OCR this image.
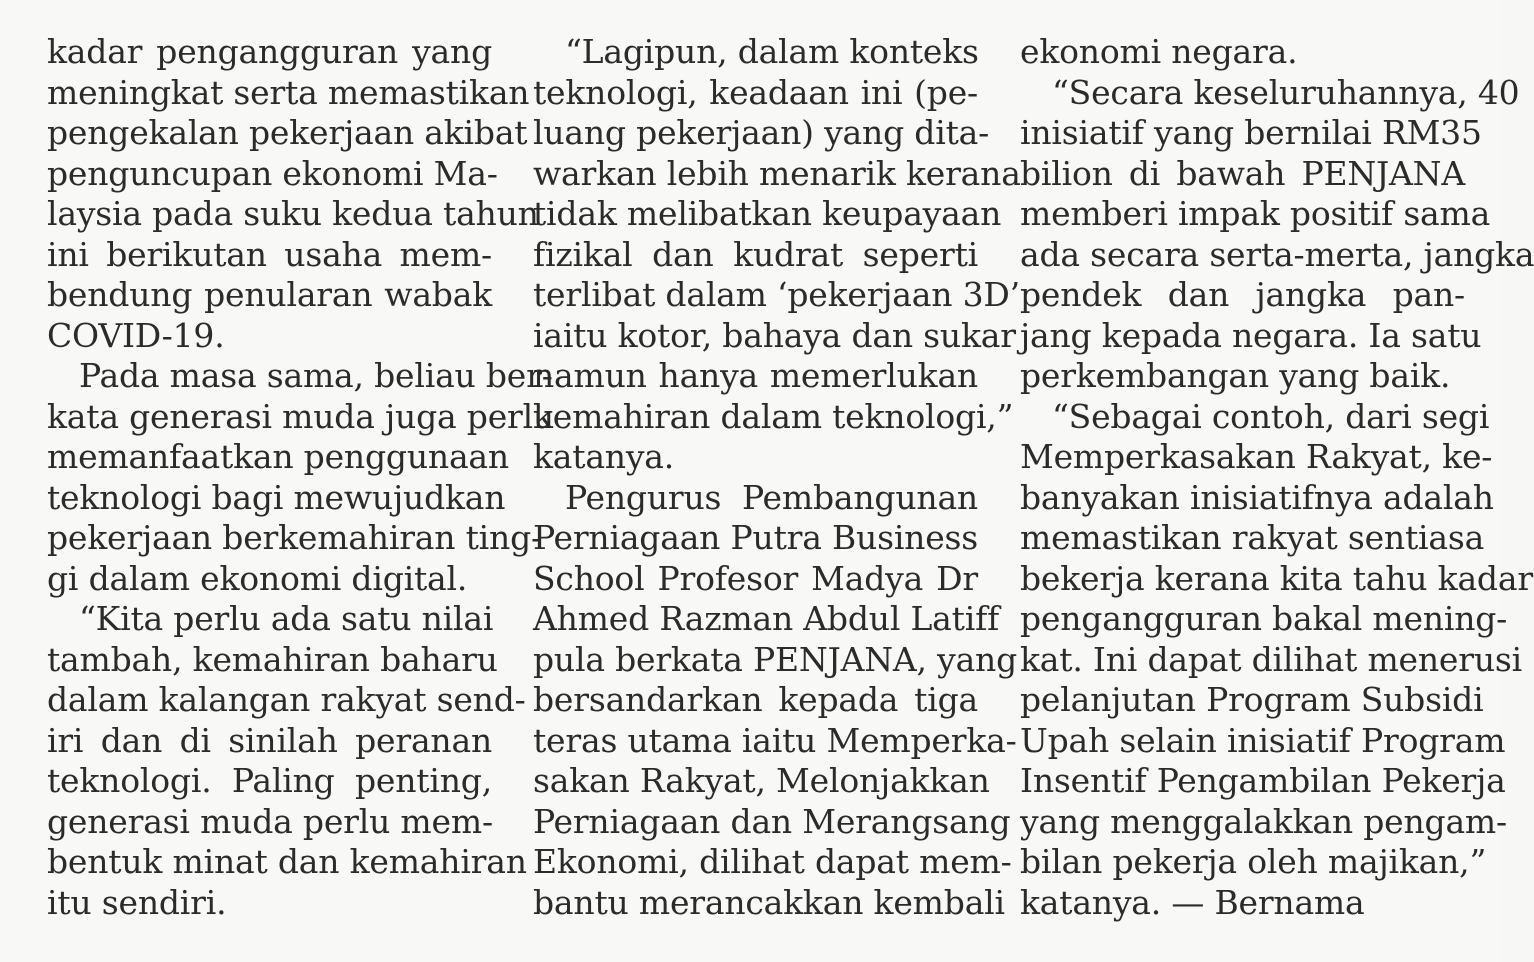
kadar pengangguran yang
meningkat serta memastikan
pengekalan pekerjaan akibat
penguncupan ekonomi Ma-
laysia pada suku kedua tahun
ini berikutan usaha mem-
bendung penularan wabak
COVID-19.
Pada masa sama, beliau ber-
kata generasi muda juga perlu
memanfaatkan penggunaan
teknologi bagi mewujudkan
pekerjaan berkemahiran ting-
gi dalam ekonomi digital.
“Kita perlu ada satu nilai
tambah, kemahiran baharu
dalam kalangan rakyat send-
iri dan di sinilah peranan
teknologi. Paling penting,
generasi muda perlu mem-
bentuk minat dan kemahiran
itu sendiri.
“Lagipun, dalam konteks
teknologi, keadaan ini (pe-
luang pekerjaan) yang dita-
warkan lebih menarik kerana
tidak melibatkan keupayaan
fizikal dan kudrat seperti
terlibat dalam ‘pekerjaan 3D’
iaitu kotor, bahaya dan sukar
namun hanya memerlukan
kemahiran dalam teknologi,”
katanya.
Pengurus Pembangunan
Perniagaan Putra Business
School Profesor Madya Dr
Ahmed Razman Abdul Latiff
pula berkata PENJANA, yang
bersandarkan kepada tiga
teras utama iaitu Memperka-
sakan Rakyat, Melonjakkan
Perniagaan dan Merangsang
Ekonomi, dilihat dapat mem-
bantu merancakkan kembali
ekonomi negara.
“Secara keseluruhannya, 40
inisiatif yang bernilai RM35
bilion di bawah PENJANA
memberi impak positif sama
ada secara serta-merta, jangka
pendek dan jangka pan-
jang kepada negara. Ia satu
perkembangan yang baik.
“Sebagai contoh, dari segi
Memperkasakan Rakyat, ke-
banyakan inisiatifnya adalah
memastikan rakyat sentiasa
bekerja kerana kita tahu kadar
pengangguran bakal mening-
kat. Ini dapat dilihat menerusi
pelanjutan Program Subsidi
Upah selain inisiatif Program
Insentif Pengambilan Pekerja
yang menggalakkan pengam-
bilan pekerja oleh majikan,”
katanya. — Bernama
